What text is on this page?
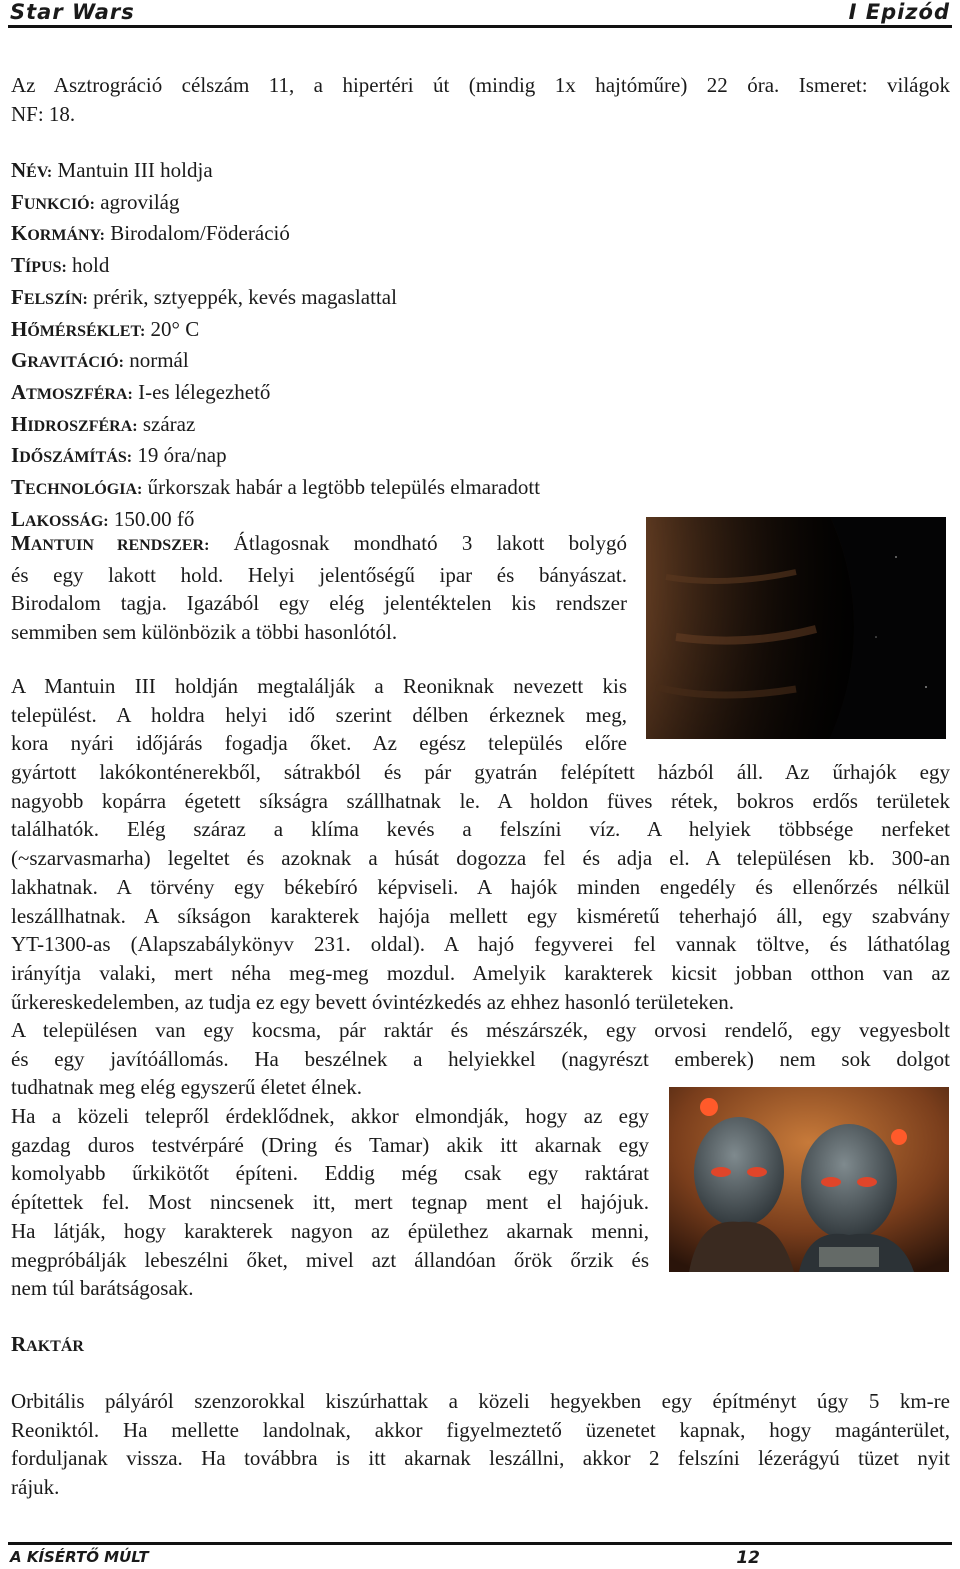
Star Wars	I Epizód

Az Asztrográció célszám 11, a hipertéri út (mindig 1x hajtóműre) 22 óra. Ismeret: világok
NF: 18.

NÉV: Mantuin III holdja
FUNKCIÓ: agrovilág
KORMÁNY: Birodalom/Föderáció
TÍPUS: hold
FELSZÍN: prérik, sztyeppék, kevés magaslattal
HŐMÉRSÉKLET: 20° C
GRAVITÁCIÓ: normál
ATMOSZFÉRA: I-es lélegezhető
HIDROSZFÉRA: száraz
IDŐSZÁMÍTÁS: 19 óra/nap
TECHNOLÓGIA: űrkorszak habár a legtöbb település elmaradott
LAKOSSÁG: 150.00 fő

MANTUIN RENDSZER: Átlagosnak mondható 3 lakott bolygó
és egy lakott hold. Helyi jelentőségű ipar és bányászat.
Birodalom tagja. Igazából egy elég jelentéktelen kis rendszer
semmiben sem különbözik a többi hasonlótól.

A Mantuin III holdján megtalálják a Reoniknak nevezett kis
települést. A holdra helyi idő szerint délben érkeznek meg,
kora nyári időjárás fogadja őket. Az egész település előre

gyártott lakókonténerekből, sátrakból és pár gyatrán felépített házból áll. Az űrhajók egy
nagyobb kopárra égetett síkságra szállhatnak le. A holdon füves rétek, bokros erdős területek
találhatók. Elég száraz a klíma kevés a felszíni víz. A helyiek többsége nerfeket
(~szarvasmarha) legeltet és azoknak a húsát dogozza fel és adja el. A településen kb. 300-an
lakhatnak. A törvény egy békebíró képviseli. A hajók minden engedély és ellenőrzés nélkül
leszállhatnak. A síkságon karakterek hajója mellett egy kisméretű teherhajó áll, egy szabvány
YT-1300-as (Alapszabálykönyv 231. oldal). A hajó fegyverei fel vannak töltve, és láthatólag
irányítja valaki, mert néha meg-meg mozdul. Amelyik karakterek kicsit jobban otthon van az
űrkereskedelemben, az tudja ez egy bevett óvintézkedés az ehhez hasonló területeken.

A településen van egy kocsma, pár raktár és mészárszék, egy orvosi rendelő, egy vegyesbolt
és egy javítóállomás. Ha beszélnek a helyiekkel (nagyrészt emberek) nem sok dolgot
tudhatnak meg elég egyszerű életet élnek.

Ha a közeli telepről érdeklődnek, akkor elmondják, hogy az egy
gazdag duros testvérpáré (Dring és Tamar) akik itt akarnak egy
komolyabb űrkikötőt építeni. Eddig még csak egy raktárat
építettek fel. Most nincsenek itt, mert tegnap ment el hajójuk.
Ha látják, hogy karakterek nagyon az épülethez akarnak menni,
megpróbálják lebeszélni őket, mivel azt állandóan őrök őrzik és
nem túl barátságosak.

RAKTÁR

Orbitális pályáról szenzorokkal kiszúrhattak a közeli hegyekben egy építményt úgy 5 km-re
Reoniktól. Ha mellette landolnak, akkor figyelmeztető üzenetet kapnak, hogy magánterület,
forduljanak vissza. Ha továbbra is itt akarnak leszállni, akkor 2 felszíni lézerágyú tüzet nyit
rájuk.

A KÍSÉRTŐ MÚLT	12
